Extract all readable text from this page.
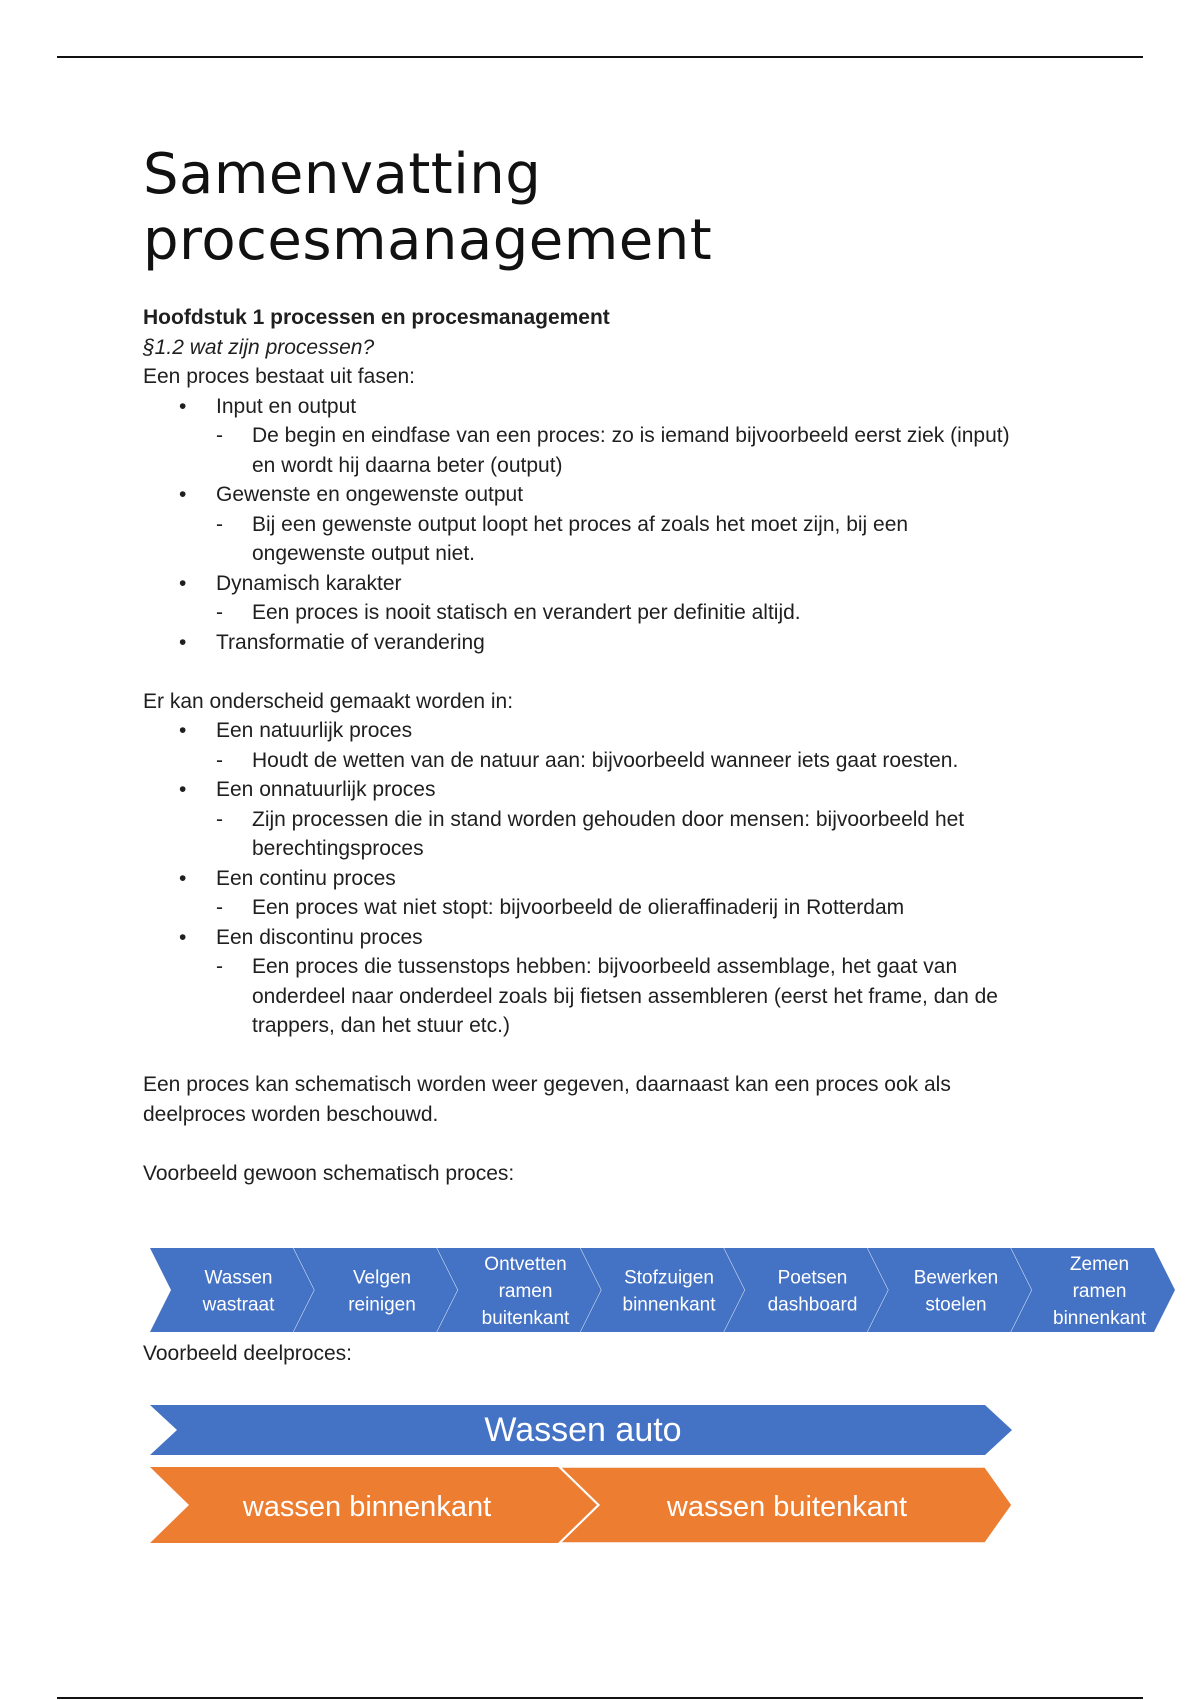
Samenvatting
procesmanagement

Hoofdstuk 1 processen en procesmanagement

§1.2 wat zijn processen?

Een proces bestaat uit fasen:

• Input en output

- De begin en eindfase van een proces: zo is iemand bijvoorbeeld eerst ziek (input)

en wordt hij daarna beter (output)

• Gewenste en ongewenste output

- Bij een gewenste output loopt het proces af zoals het moet zijn, bij een

ongewenste output niet.

• Dynamisch karakter

- Een proces is nooit statisch en verandert per definitie altijd.

• Transformatie of verandering

Er kan onderscheid gemaakt worden in:

• Een natuurlijk proces

- Houdt de wetten van de natuur aan: bijvoorbeeld wanneer iets gaat roesten.

• Een onnatuurlijk proces

- Zijn processen die in stand worden gehouden door mensen: bijvoorbeeld het

berechtingsproces

• Een continu proces

- Een proces wat niet stopt: bijvoorbeeld de olieraffinaderij in Rotterdam

• Een discontinu proces

- Een proces die tussenstops hebben: bijvoorbeeld assemblage, het gaat van

onderdeel naar onderdeel zoals bij fietsen assembleren (eerst het frame, dan de

trappers, dan het stuur etc.)

Een proces kan schematisch worden weer gegeven, daarnaast kan een proces ook als

deelproces worden beschouwd.

Voorbeeld gewoon schematisch proces:

Wassen
wastraat
Velgen
reinigen
Ontvetten
ramen
buitenkant
Stofzuigen
binnenkant
Poetsen
dashboard
Bewerken
stoelen
Zemen
ramen
binnenkant

Voorbeeld deelproces:

Wassen auto
wassen binnenkant	wassen buitenkant
